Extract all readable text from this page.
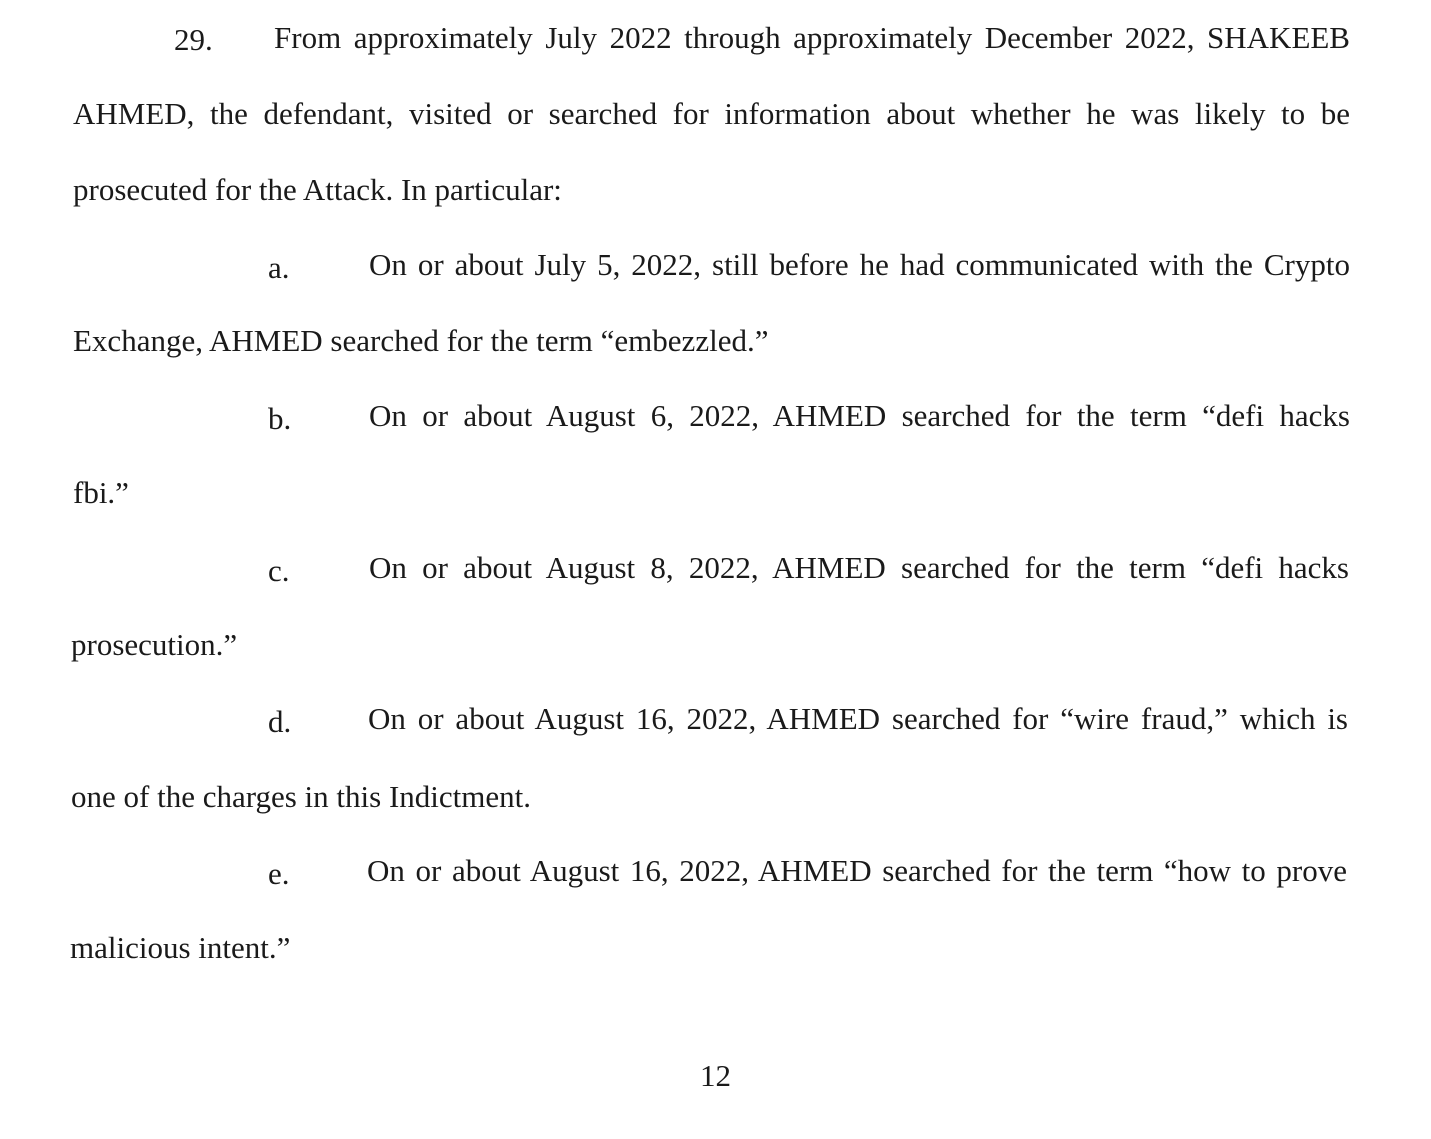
29. From approximately July 2022 through approximately December 2022, SHAKEEB
AHMED, the defendant, visited or searched for information about whether he was likely to be
prosecuted for the Attack. In particular:
a.	On or about July 5, 2022, still before he had communicated with the Crypto
Exchange, AHMED searched for the term “embezzled.”
b.	On or about August 6, 2022, AHMED searched for the term “defi hacks
fbi.”
c.	On or about August 8, 2022, AHMED searched for the term “defi hacks
prosecution.”
d. On or about August 16, 2022, AHMED searched for “wire fraud,” which is
one of the charges in this Indictment.
e. On or about August 16, 2022, AHMED searched for the term “how to prove
malicious intent.”
12
